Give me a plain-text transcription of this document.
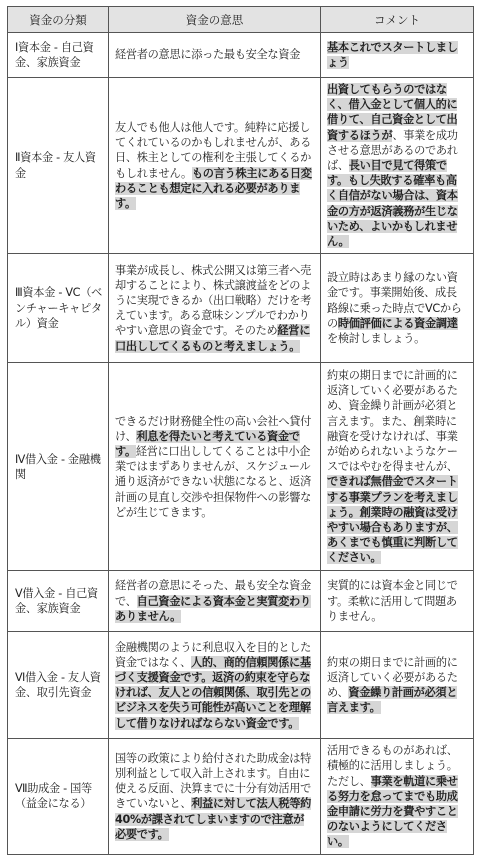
資金の分類	資金の意思	コメント
Ⅰ資本金 - 自己資金、家族資金	経営者の意思に添った最も安全な資金	基本これでスタートしましょう
Ⅱ資本金 - 友人資金	友人でも他人は他人です。純粋に応援してくれているのかもしれませんが、ある日、株主としての権利を主張してくるかもしれません。もの言う株主にある日変わることも想定に入れる必要があります。	出資してもらうのではなく、借入金として個人的に借りて、自己資金として出資するほうが、事業を成功させる意思があるのであれば、長い目で見て得策です。もし失敗する確率も高く自信がない場合は、資本金の方が返済義務が生じないため、よいかもしれません。
Ⅲ資本金 - VC（ベンチャーキャピタル）資金	事業が成長し、株式公開又は第三者へ売却することにより、株式譲渡益をどのように実現できるか（出口戦略）だけを考えています。ある意味シンプルでわかりやすい意思の資金です。そのため経営に口出ししてくるものと考えましょう。	設立時はあまり縁のない資金です。事業開始後、成長路線に乗った時点でVCからの時価評価による資金調達を検討しましょう。
Ⅳ借入金 - 金融機関	できるだけ財務健全性の高い会社へ貸付け、利息を得たいと考えている資金です。経営に口出ししてくることは中小企業ではまずありませんが、スケジュール通り返済ができない状態になると、返済計画の見直し交渉や担保物件への影響などが生じてきます。	約束の期日までに計画的に返済していく必要があるため、資金繰り計画が必須と言えます。また、創業時に融資を受けなければ、事業が始められないようなケースではやむを得ませんが、できれば無借金でスタートする事業プランを考えましょう。創業時の融資は受けやすい場合もありますが、あくまでも慎重に判断してください。
Ⅴ借入金 - 自己資金、家族資金	経営者の意思にそった、最も安全な資金で、自己資金による資本金と実質変わりありません。	実質的には資本金と同じです。柔軟に活用して問題ありません。
Ⅵ借入金 - 友人資金、取引先資金	金融機関のように利息収入を目的とした資金ではなく、人的、商的信頼関係に基づく支援資金です。返済の約束を守らなければ、友人との信頼関係、取引先とのビジネスを失う可能性が高いことを理解して借りなければならない資金です。	約束の期日までに計画的に返済していく必要があるため、資金繰り計画が必須と言えます。
Ⅶ助成金 - 国等（益金になる）	国等の政策により給付された助成金は特別利益として収入計上されます。自由に使える反面、決算までに十分有効活用できていないと、利益に対して法人税等約40%が課されてしまいますので注意が必要です。	活用できるものがあれば、積極的に活用しましょう。ただし、事業を軌道に乗せる努力を怠ってまでも助成金申請に労力を費やすことのないようにしてください。
